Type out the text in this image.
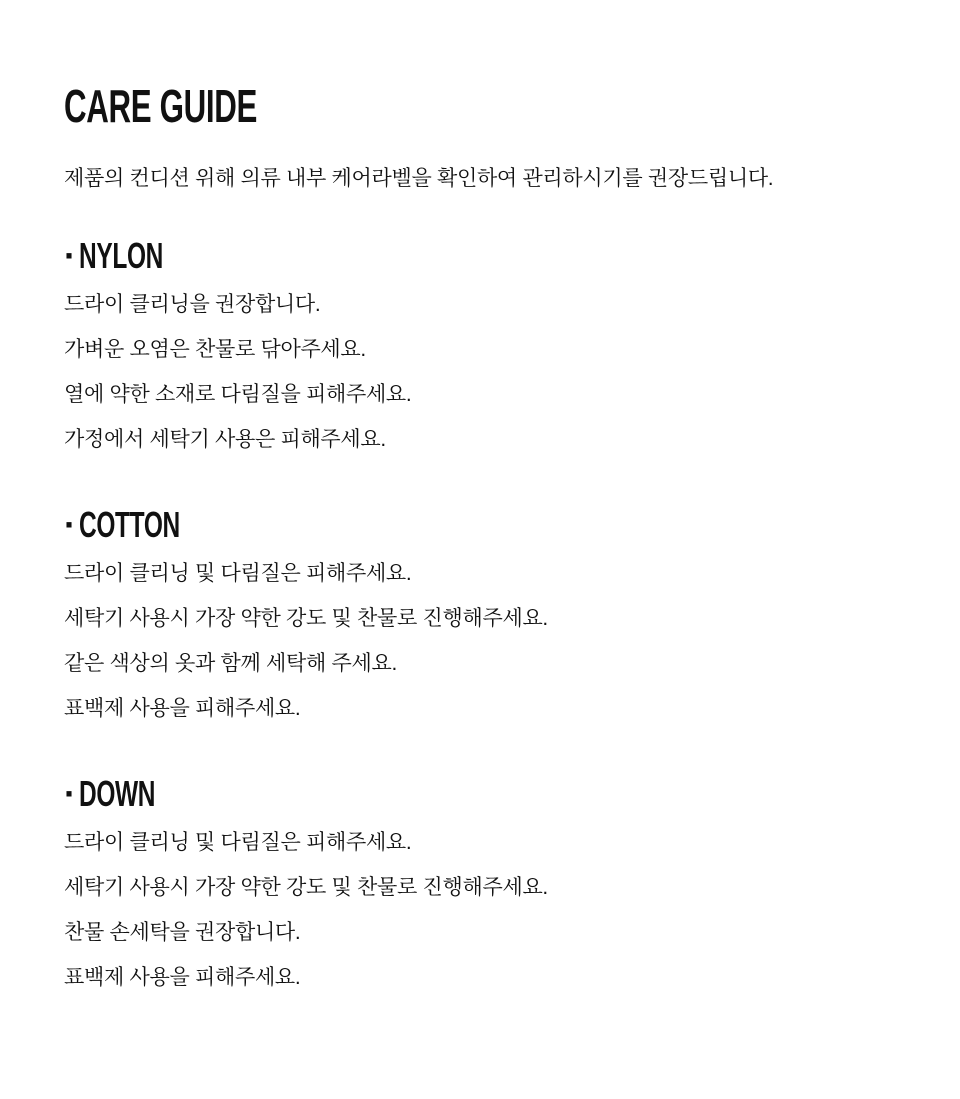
CARE GUIDE

제품의 컨디션 위해 의류 내부 케어라벨을 확인하여 관리하시기를 권장드립니다.

·NYLON

드라이 클리닝을 권장합니다.

가벼운 오염은 찬물로 닦아주세요.

열에 약한 소재로 다림질을 피해주세요.

가정에서 세탁기 사용은 피해주세요.

·COTTON

드라이 클리닝 및 다림질은 피해주세요.

세탁기 사용시 가장 약한 강도 및 찬물로 진행해주세요.

같은 색상의 옷과 함께 세탁해 주세요.

표백제 사용을 피해주세요.

·DOWN

드라이 클리닝 및 다림질은 피해주세요.

세탁기 사용시 가장 약한 강도 및 찬물로 진행해주세요.

찬물 손세탁을 권장합니다.

표백제 사용을 피해주세요.
